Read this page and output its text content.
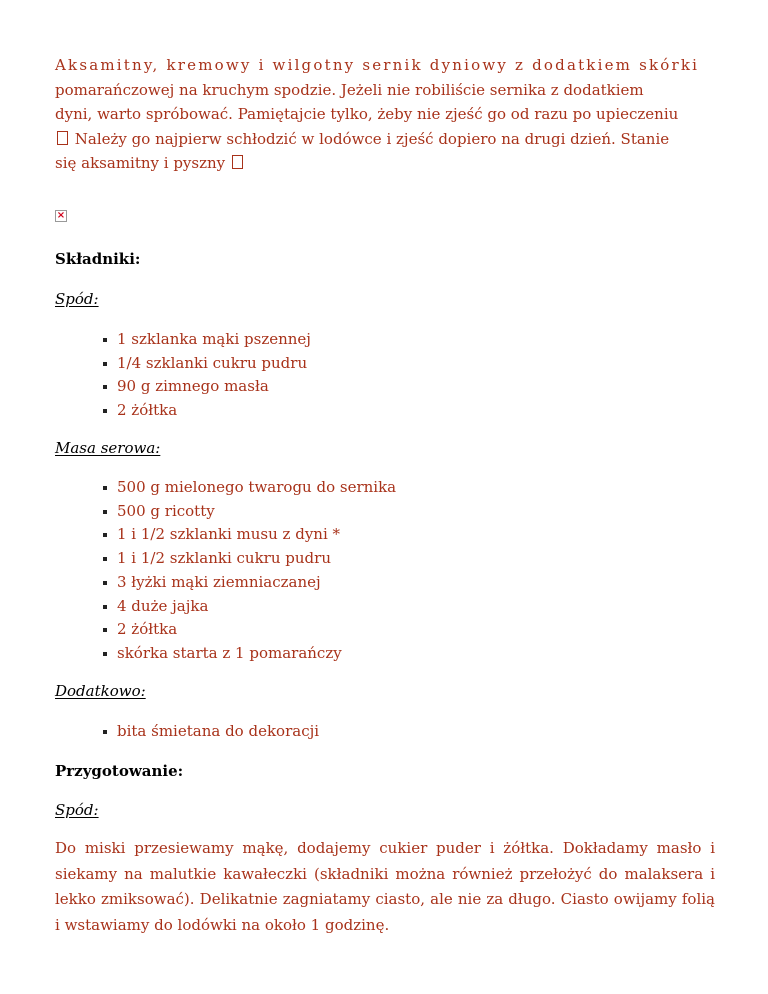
Aksamitny, kremowy i wilgotny sernik dyniowy z dodatkiem skórki
pomarańczowej na kruchym spodzie. Jeżeli nie robiliście sernika z dodatkiem
dyni, warto spróbować. Pamiętajcie tylko, żeby nie zjeść go od razu po upieczeniu
Należy go najpierw schłodzić w lodówce i zjeść dopiero na drugi dzień. Stanie
się aksamitny i pyszny

×
Składniki:

Spód:

1 szklanka mąki pszennej
1/4 szklanki cukru pudru
90 g zimnego masła
2 żółtka

Masa serowa:

500 g mielonego twarogu do sernika
500 g ricotty
1 i 1/2 szklanki musu z dyni *
1 i 1/2 szklanki cukru pudru
3 łyżki mąki ziemniaczanej
4 duże jajka
2 żółtka
skórka starta z 1 pomarańczy

Dodatkowo:

bita śmietana do dekoracji
Przygotowanie:

Spód:

Do miski przesiewamy mąkę, dodajemy cukier puder i żółtka. Dokładamy masło i siekamy na malutkie kawałeczki (składniki można również przełożyć do malaksera i lekko zmiksować). Delikatnie zagniatamy ciasto, ale nie za długo. Ciasto owijamy folią i wstawiamy do lodówki na około 1 godzinę.
